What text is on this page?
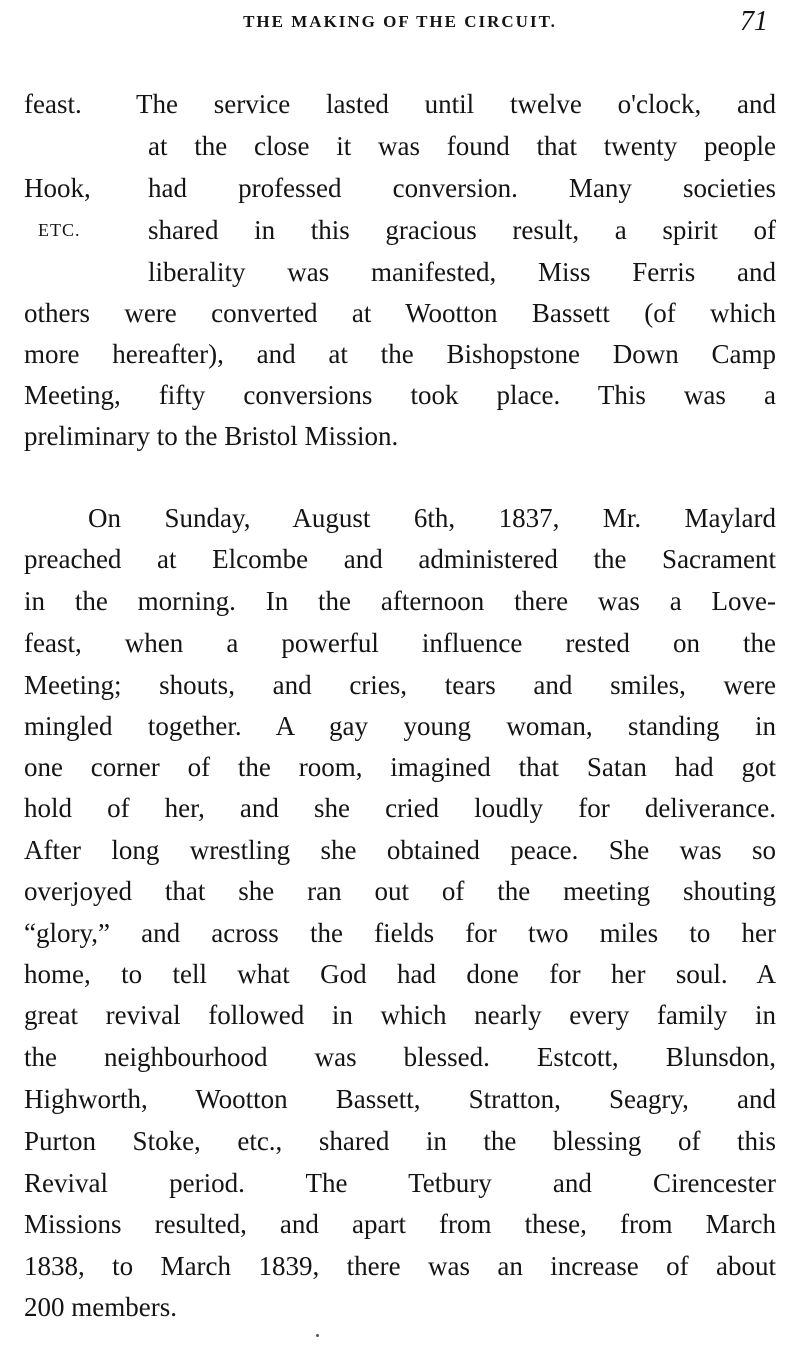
THE MAKING OF THE CIRCUIT.	71
feast.
Hook,
ETC.
The service lasted until twelve o'clock, and
at the close it was found that twenty people
had professed conversion. Many societies
shared in this gracious result, a spirit of
liberality was manifested, Miss Ferris and
others were converted at Wootton Bassett (of which
more hereafter), and at the Bishopstone Down Camp
Meeting, fifty conversions took place. This was a
preliminary to the Bristol Mission.
On Sunday, August 6th, 1837, Mr. Maylard
preached at Elcombe and administered the Sacrament
in the morning. In the afternoon there was a Love-
feast, when a powerful influence rested on the
Meeting; shouts, and cries, tears and smiles, were
mingled together. A gay young woman, standing in
one corner of the room, imagined that Satan had got
hold of her, and she cried loudly for deliverance.
After long wrestling she obtained peace. She was so
overjoyed that she ran out of the meeting shouting
“glory,” and across the fields for two miles to her
home, to tell what God had done for her soul. A
great revival followed in which nearly every family in
the neighbourhood was blessed. Estcott, Blunsdon,
Highworth, Wootton Bassett, Stratton, Seagry, and
Purton Stoke, etc., shared in the blessing of this
Revival period. The Tetbury and Cirencester
Missions resulted, and apart from these, from March
1838, to March 1839, there was an increase of about
200 members.
